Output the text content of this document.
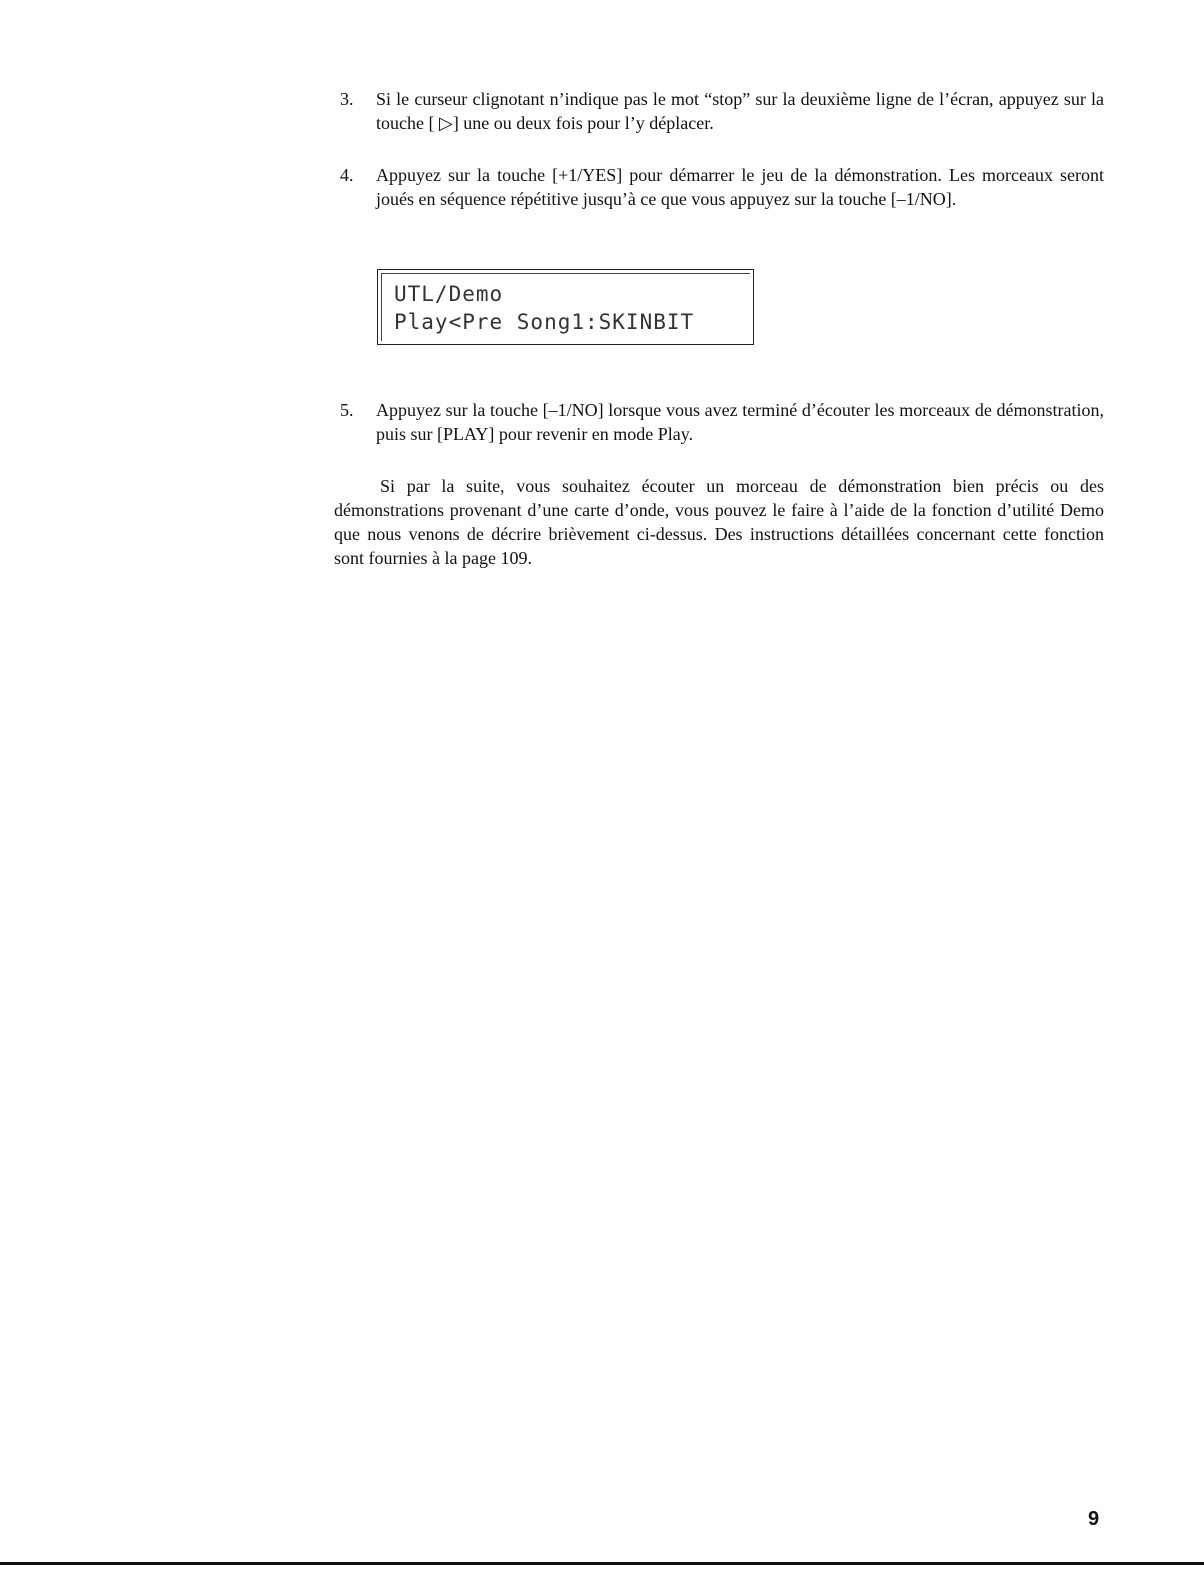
3. Si le curseur clignotant n’indique pas le mot “stop” sur la deuxième ligne de l’écran, appuyez sur la touche [ ▷] une ou deux fois pour l’y déplacer.
4. Appuyez sur la touche [+1/YES] pour démarrer le jeu de la démonstration. Les morceaux seront joués en séquence répétitive jusqu’à ce que vous appuyez sur la touche [–1/NO].
UTL/Demo
Play<Pre Song1:SKINBIT
5. Appuyez sur la touche [–1/NO] lorsque vous avez terminé d’écouter les morceaux de démonstration, puis sur [PLAY] pour revenir en mode Play.

Si par la suite, vous souhaitez écouter un morceau de démonstration bien précis ou des démonstrations provenant d’une carte d’onde, vous pouvez le faire à l’aide de la fonction d’utilité Demo que nous venons de décrire brièvement ci-dessus. Des instructions détaillées concernant cette fonction sont fournies à la page 109.

9
